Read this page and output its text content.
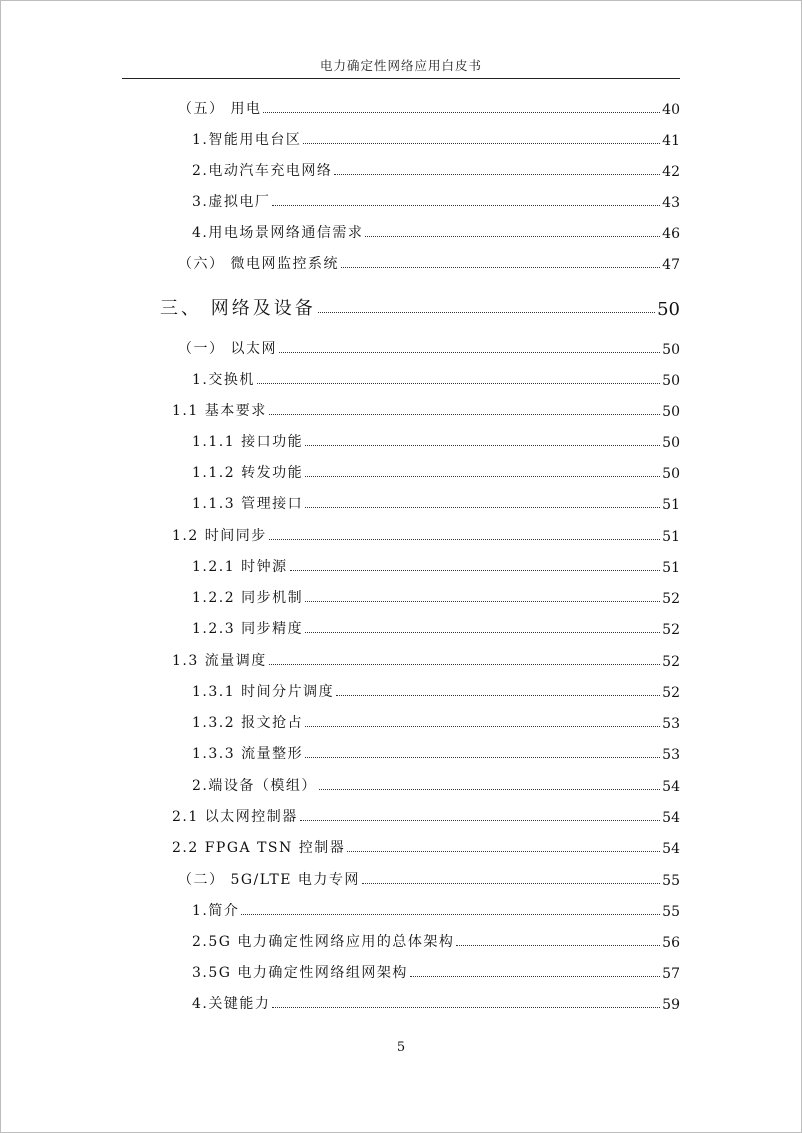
电力确定性网络应用白皮书
（五） 用电	40
1.智能用电台区	41
2.电动汽车充电网络	42
3.虚拟电厂	43
4.用电场景网络通信需求	46
（六） 微电网监控系统	47
三、 网络及设备	50
（一） 以太网	50
1.交换机	50
1.1 基本要求	50
1.1.1 接口功能	50
1.1.2 转发功能	50
1.1.3 管理接口	51
1.2 时间同步	51
1.2.1 时钟源	51
1.2.2 同步机制	52
1.2.3 同步精度	52
1.3 流量调度	52
1.3.1 时间分片调度	52
1.3.2 报文抢占	53
1.3.3 流量整形	53
2.端设备（模组）	54
2.1 以太网控制器	54
2.2 FPGA TSN 控制器	54
（二） 5G/LTE 电力专网	55
1.简介	55
2.5G 电力确定性网络应用的总体架构	56
3.5G 电力确定性网络组网架构	57
4.关键能力	59
5
